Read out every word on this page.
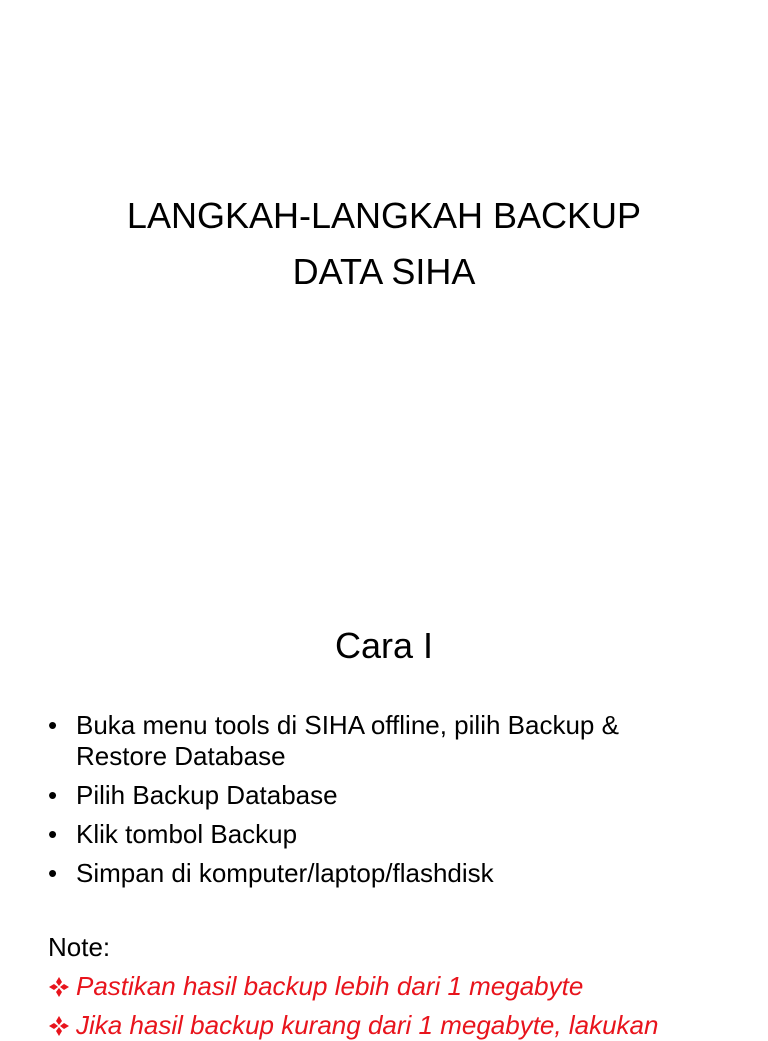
LANGKAH-LANGKAH BACKUP
DATA SIHA
Cara I
• Buka menu tools di SIHA offline, pilih Backup &
Restore Database
• Pilih Backup Database
• Klik tombol Backup
• Simpan di komputer/laptop/flashdisk
Note:
Pastikan hasil backup lebih dari 1 megabyte
Jika hasil backup kurang dari 1 megabyte, lakukan
